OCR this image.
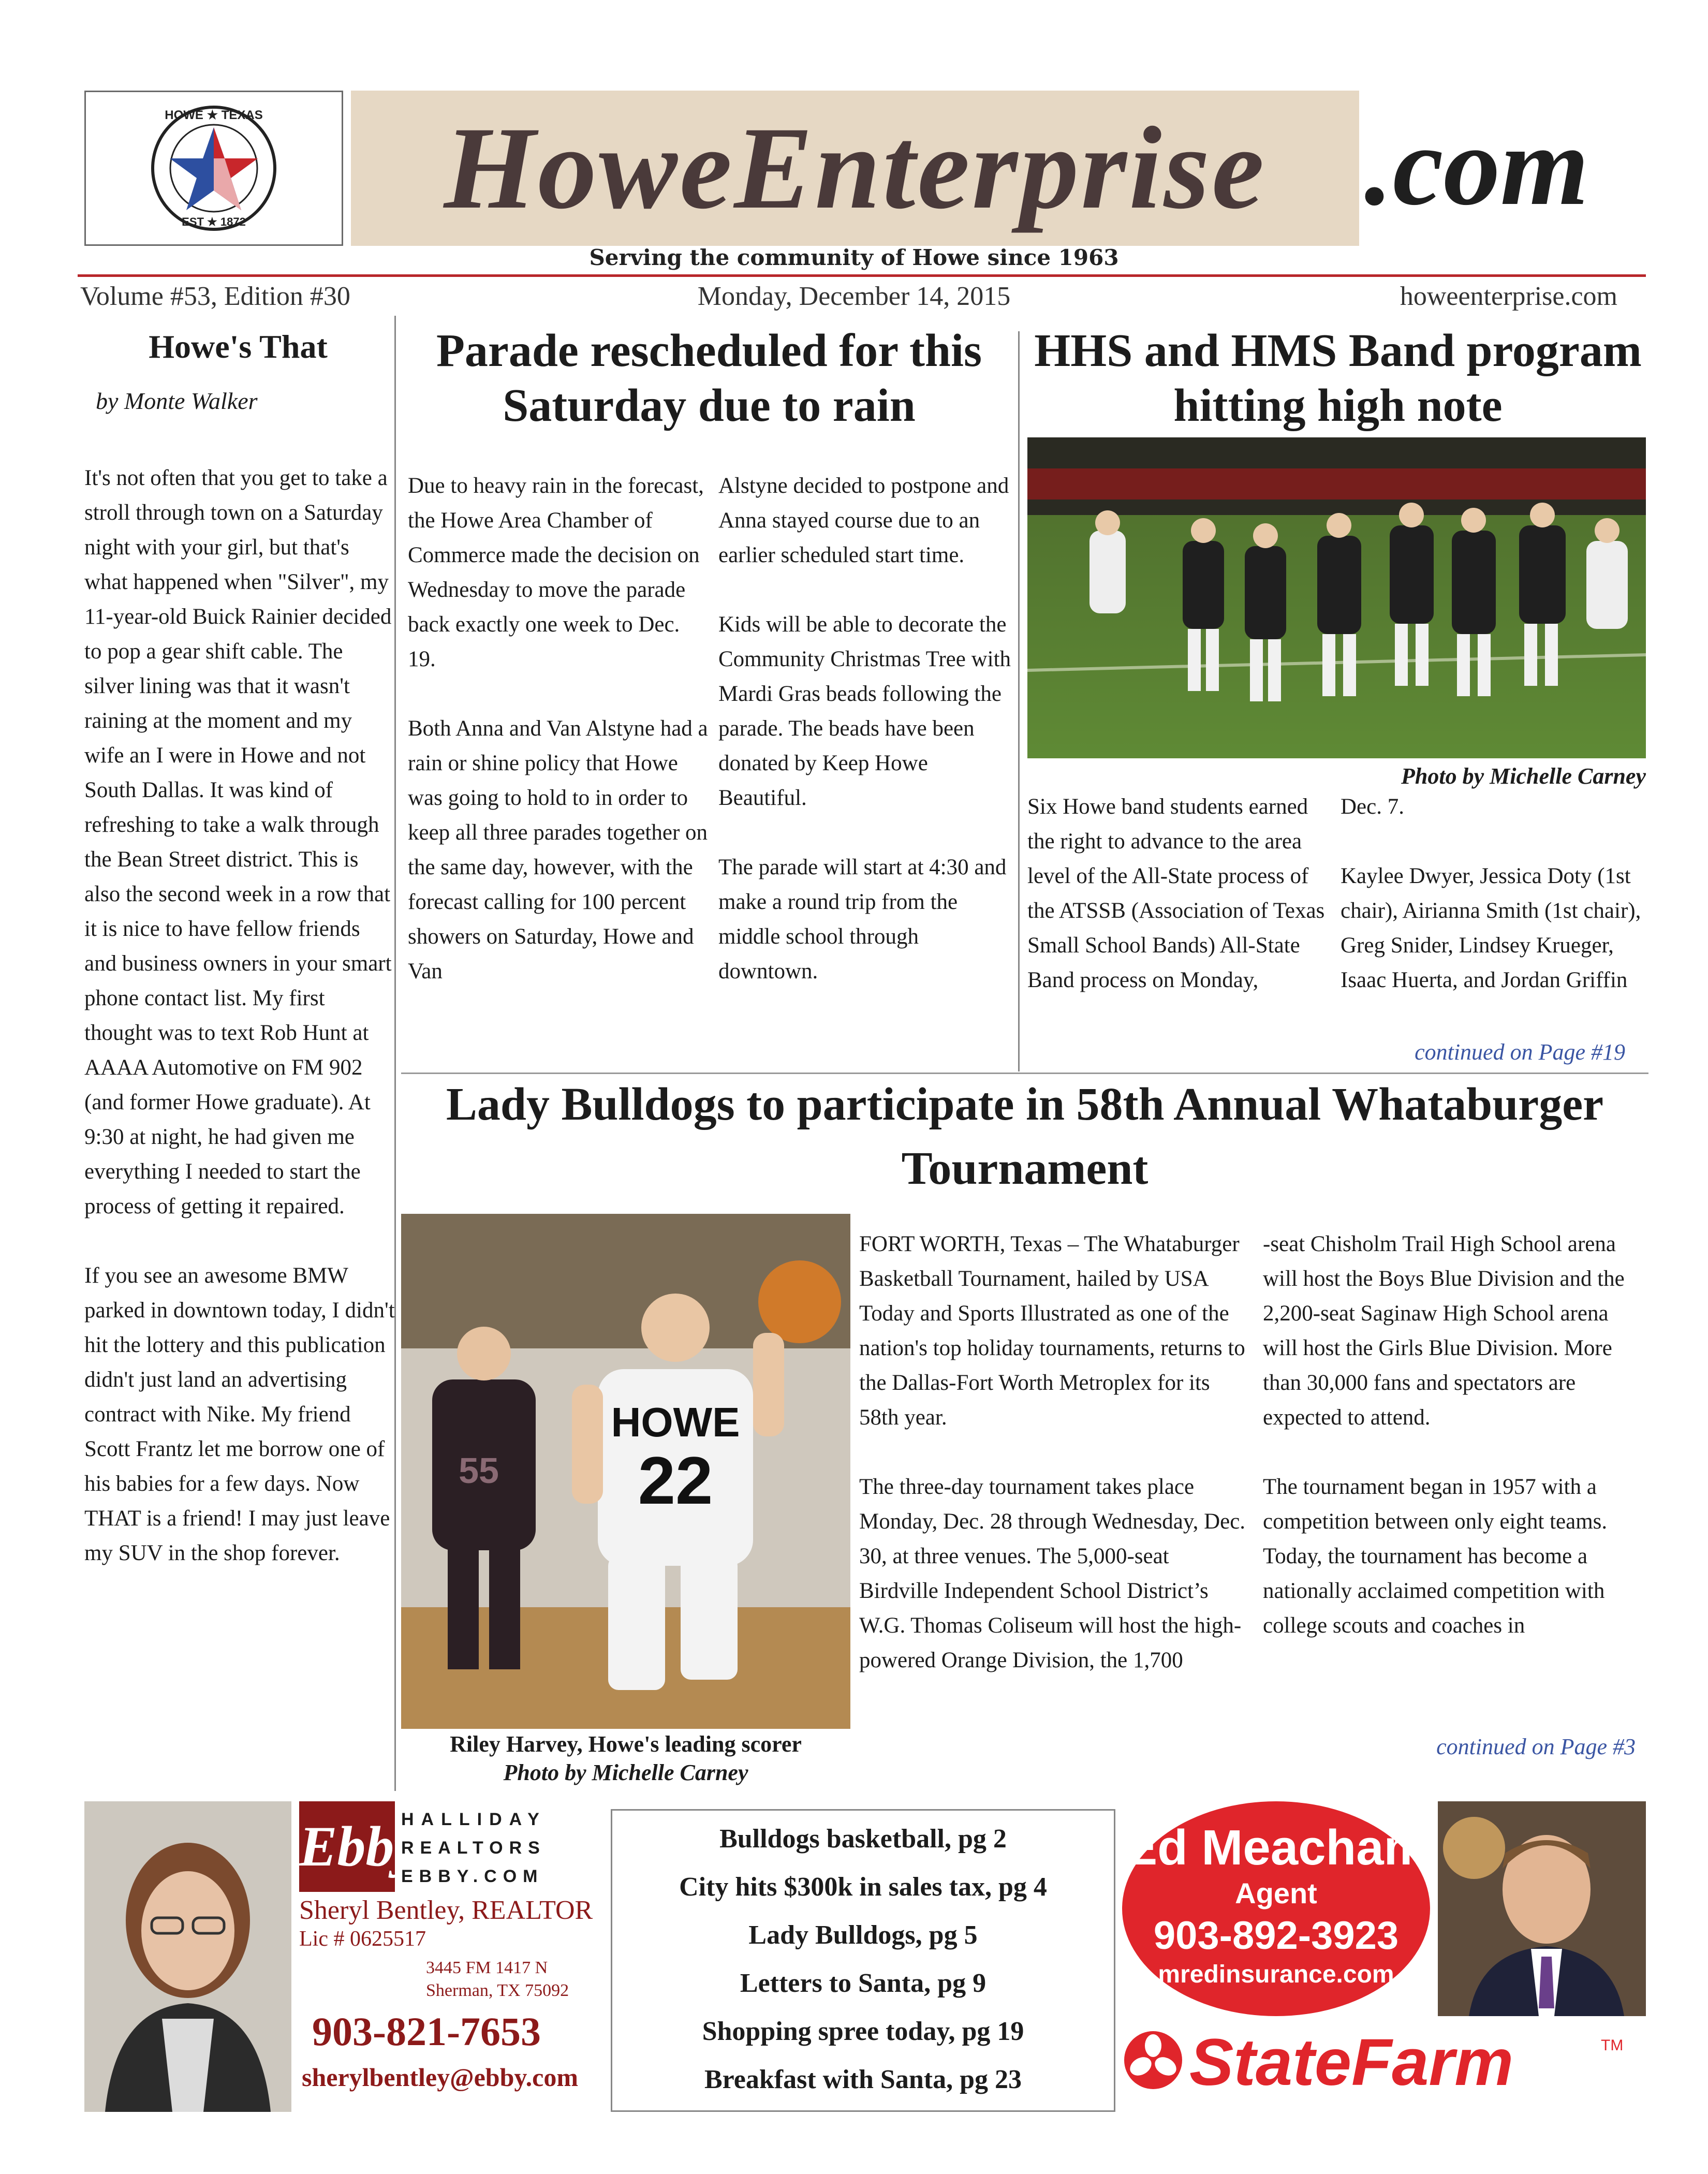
HOWE ★ TEXAS
EST ★ 1872	HoweEnterprise .com
Serving the community of Howe since 1963
Volume #53, Edition #30	Monday, December 14, 2015	howeenterprise.com
Howe's That
by Monte Walker
It's not often that you get to take a stroll through town on a Saturday night with your girl, but that's what happened when "Silver", my 11-year-old Buick Rainier decided to pop a gear shift cable. The silver lining was that it wasn't raining at the moment and my wife an I were in Howe and not South Dallas. It was kind of refreshing to take a walk through the Bean Street district. This is also the second week in a row that it is nice to have fellow friends and business owners in your smart phone contact list. My first thought was to text Rob Hunt at AAAA Automotive on FM 902 (and former Howe graduate). At 9:30 at night, he had given me everything I needed to start the process of getting it repaired.

If you see an awesome BMW parked in downtown today, I didn't hit the lottery and this publication didn't just land an advertising contract with Nike. My friend Scott Frantz let me borrow one of his babies for a few days. Now THAT is a friend! I may just leave my SUV in the shop forever.
Parade rescheduled for this Saturday due to rain
Due to heavy rain in the forecast, the Howe Area Chamber of Commerce made the decision on Wednesday to move the parade back exactly one week to Dec. 19.

Both Anna and Van Alstyne had a rain or shine policy that Howe was going to hold to in order to keep all three parades together on the same day, however, with the forecast calling for 100 percent showers on Saturday, Howe and Van
Alstyne decided to postpone and Anna stayed course due to an earlier scheduled start time.

Kids will be able to decorate the Community Christmas Tree with Mardi Gras beads following the parade. The beads have been donated by Keep Howe Beautiful.

The parade will start at 4:30 and make a round trip from the middle school through downtown.
HHS and HMS Band program hitting high note
Photo by Michelle Carney
Six Howe band students earned the right to advance to the area level of the All-State process of the ATSSB (Association of Texas Small School Bands) All-State Band process on Monday,
Dec. 7.

Kaylee Dwyer, Jessica Doty (1st chair), Airianna Smith (1st chair), Greg Snider, Lindsey Krueger, Isaac Huerta, and Jordan Griffin
continued on Page #19
Lady Bulldogs to participate in 58th Annual Whataburger Tournament
55
HOWE
22
Riley Harvey, Howe's leading scorer
Photo by Michelle Carney
FORT WORTH, Texas – The Whataburger Basketball Tournament, hailed by USA Today and Sports Illustrated as one of the nation's top holiday tournaments, returns to the Dallas-Fort Worth Metroplex for its 58th year.

The three-day tournament takes place Monday, Dec. 28 through Wednesday, Dec. 30, at three venues. The 5,000-seat Birdville Independent School District’s W.G. Thomas Coliseum will host the high-powered Orange Division, the 1,700
-seat Chisholm Trail High School arena will host the Boys Blue Division and the 2,200-seat Saginaw High School arena will host the Girls Blue Division. More than 30,000 fans and spectators are expected to attend.

The tournament began in 1957 with a competition between only eight teams. Today, the tournament has become a nationally acclaimed competition with college scouts and coaches in
continued on Page #3
Ebby
HALLIDAY
REALTORS
EBBY.COM
Sheryl Bentley, REALTOR
Lic # 0625517
3445 FM 1417 N
Sherman, TX 75092
903-821-7653
sherylbentley@ebby.com
Bulldogs basketball, pg 2
City hits $300k in sales tax, pg 4
Lady Bulldogs, pg 5
Letters to Santa, pg 9
Shopping spree today, pg 19
Breakfast with Santa, pg 23
Ed Meacham
Agent
903-892-3923
mredinsurance.com
StateFarm	TM
